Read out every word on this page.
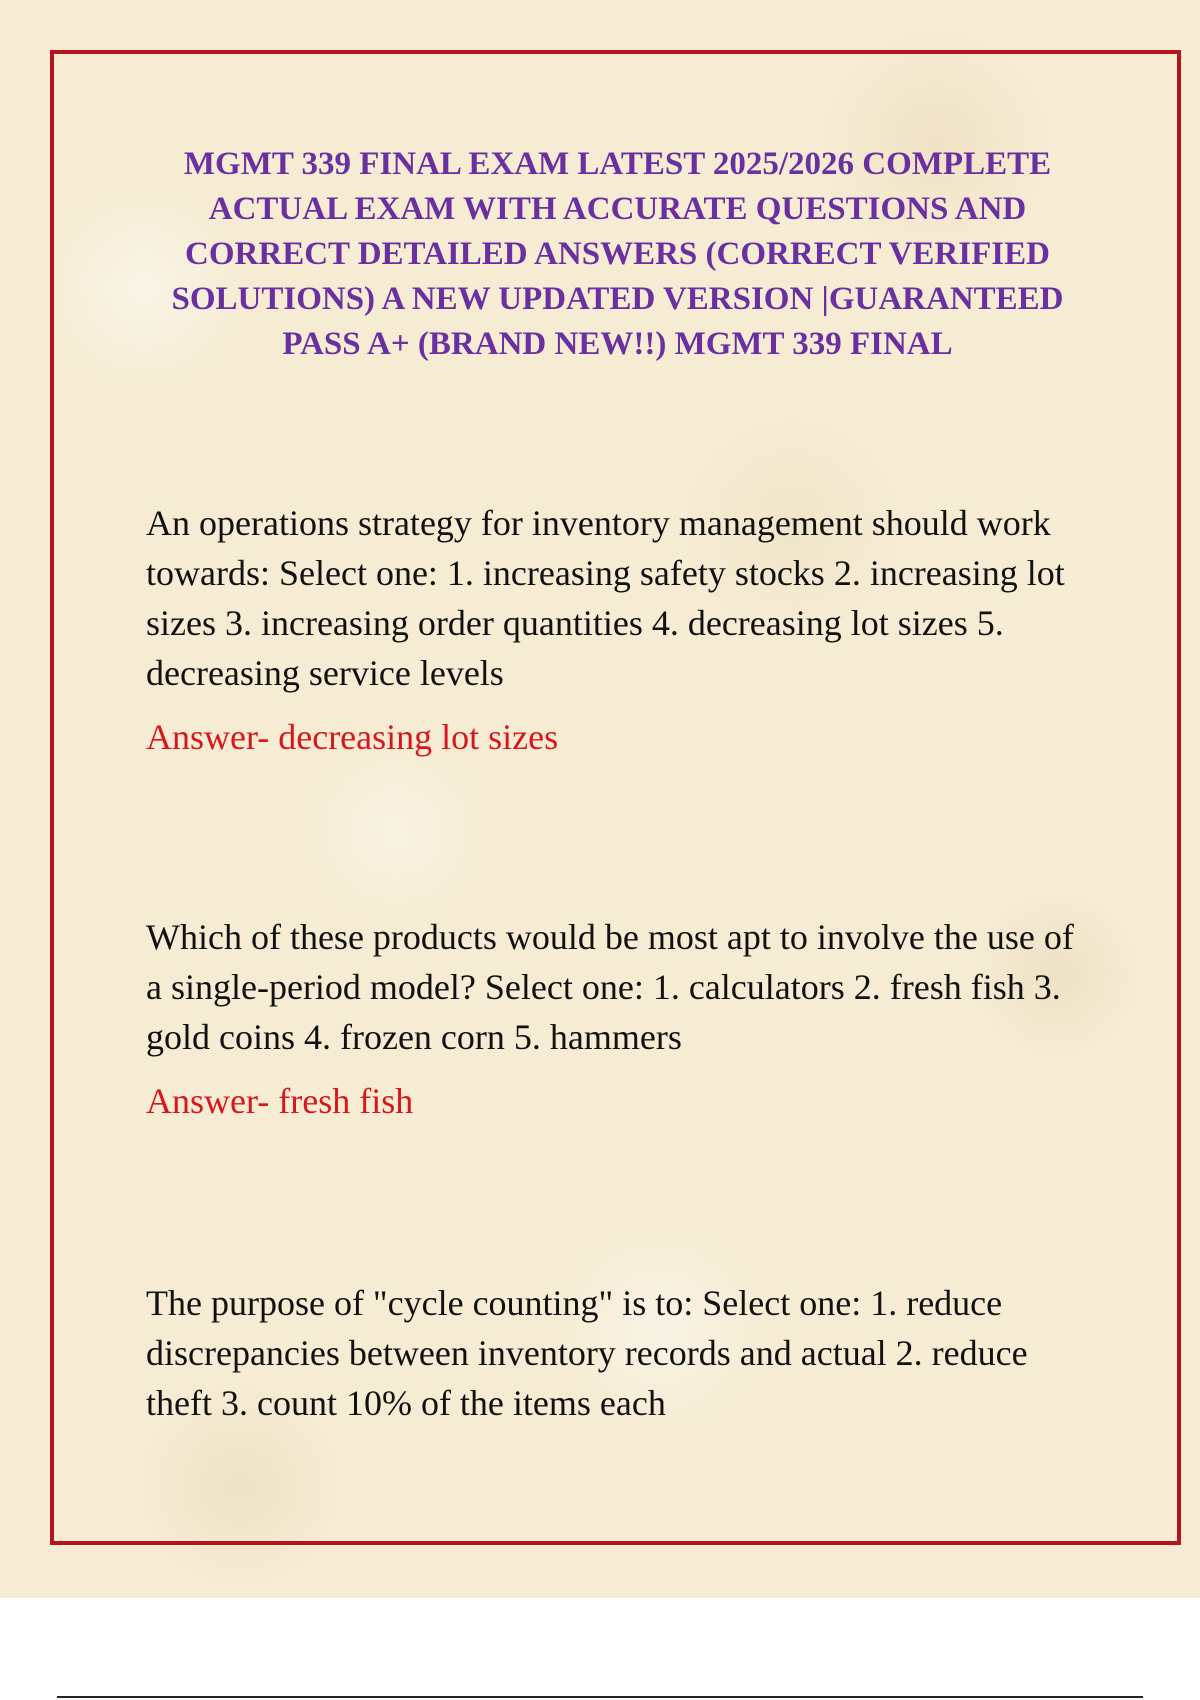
MGMT 339 FINAL EXAM LATEST 2025/2026 COMPLETE ACTUAL EXAM WITH ACCURATE QUESTIONS AND CORRECT DETAILED ANSWERS (CORRECT VERIFIED SOLUTIONS) A NEW UPDATED VERSION |GUARANTEED PASS A+ (BRAND NEW!!) MGMT 339 FINAL

An operations strategy for inventory management should work towards: Select one: 1. increasing safety stocks 2. increasing lot sizes 3. increasing order quantities 4. decreasing lot sizes 5. decreasing service levels

Answer- decreasing lot sizes

Which of these products would be most apt to involve the use of a single-period model? Select one: 1. calculators 2. fresh fish 3. gold coins 4. frozen corn 5. hammers

Answer- fresh fish

The purpose of "cycle counting" is to: Select one: 1. reduce discrepancies between inventory records and actual 2. reduce theft 3. count 10% of the items each
